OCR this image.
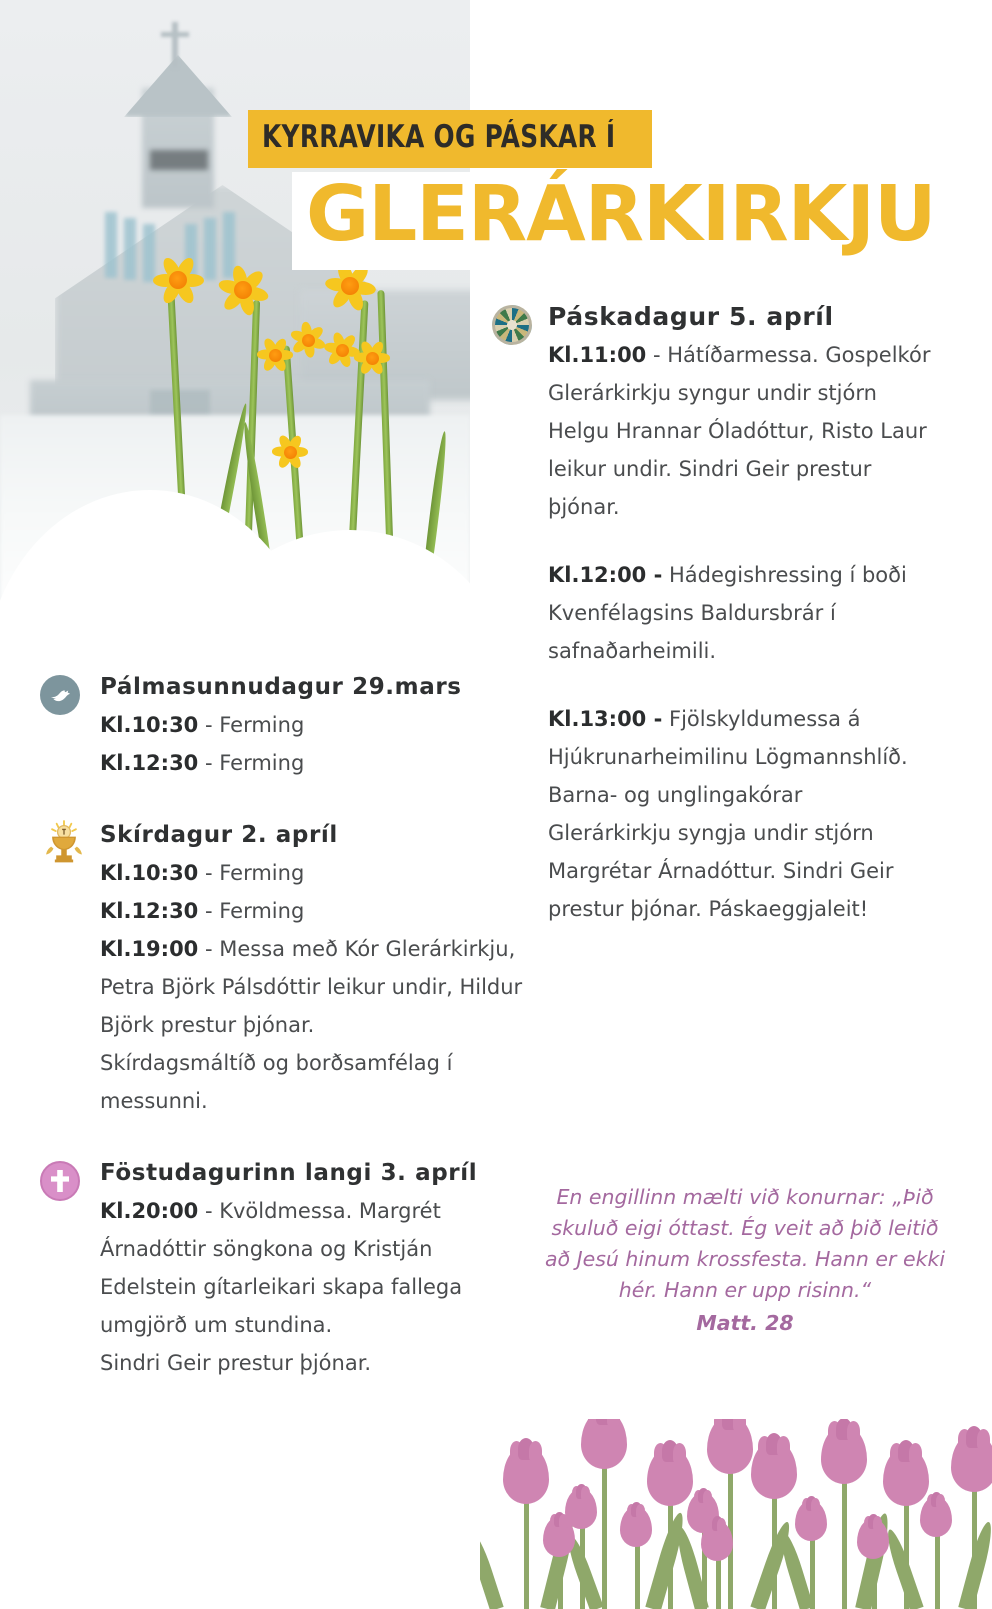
KYRRAVIKA OG PÁSKAR Í
GLERÁRKIRKJU
Pálmasunnudagur 29.mars

Kl.10:30 - Ferming

Kl.12:30 - Ferming

Skírdagur 2. apríl

Kl.10:30 - Ferming

Kl.12:30 - Ferming

Kl.19:00 - Messa með Kór Glerárkirkju, Petra Björk Pálsdóttir leikur undir, Hildur Björk prestur þjónar.

Skírdagsmáltíð og borðsamfélag í messunni.

Föstudagurinn langi 3. apríl

Kl.20:00 - Kvöldmessa. Margrét Árnadóttir söngkona og Kristján Edelstein gítarleikari skapa fallega umgjörð um stundina.

Sindri Geir prestur þjónar.

Páskadagur 5. apríl

Kl.11:00 - Hátíðarmessa. Gospelkór Glerárkirkju syngur undir stjórn Helgu Hrannar Óladóttur, Risto Laur leikur undir. Sindri Geir prestur þjónar.

Kl.12:00 - Hádegishressing í boði Kvenfélagsins Baldursbrár í safnaðarheimili.

Kl.13:00 - Fjölskyldumessa á Hjúkrunarheimilinu Lögmannshlíð. Barna- og unglingakórar Glerárkirkju syngja undir stjórn Margrétar Árnadóttur. Sindri Geir prestur þjónar. Páskaeggjaleit!

En engillinn mælti við konurnar: „Þið skuluð eigi óttast. Ég veit að þið leitið að Jesú hinum krossfesta. Hann er ekki hér. Hann er upp risinn.“
Matt. 28
